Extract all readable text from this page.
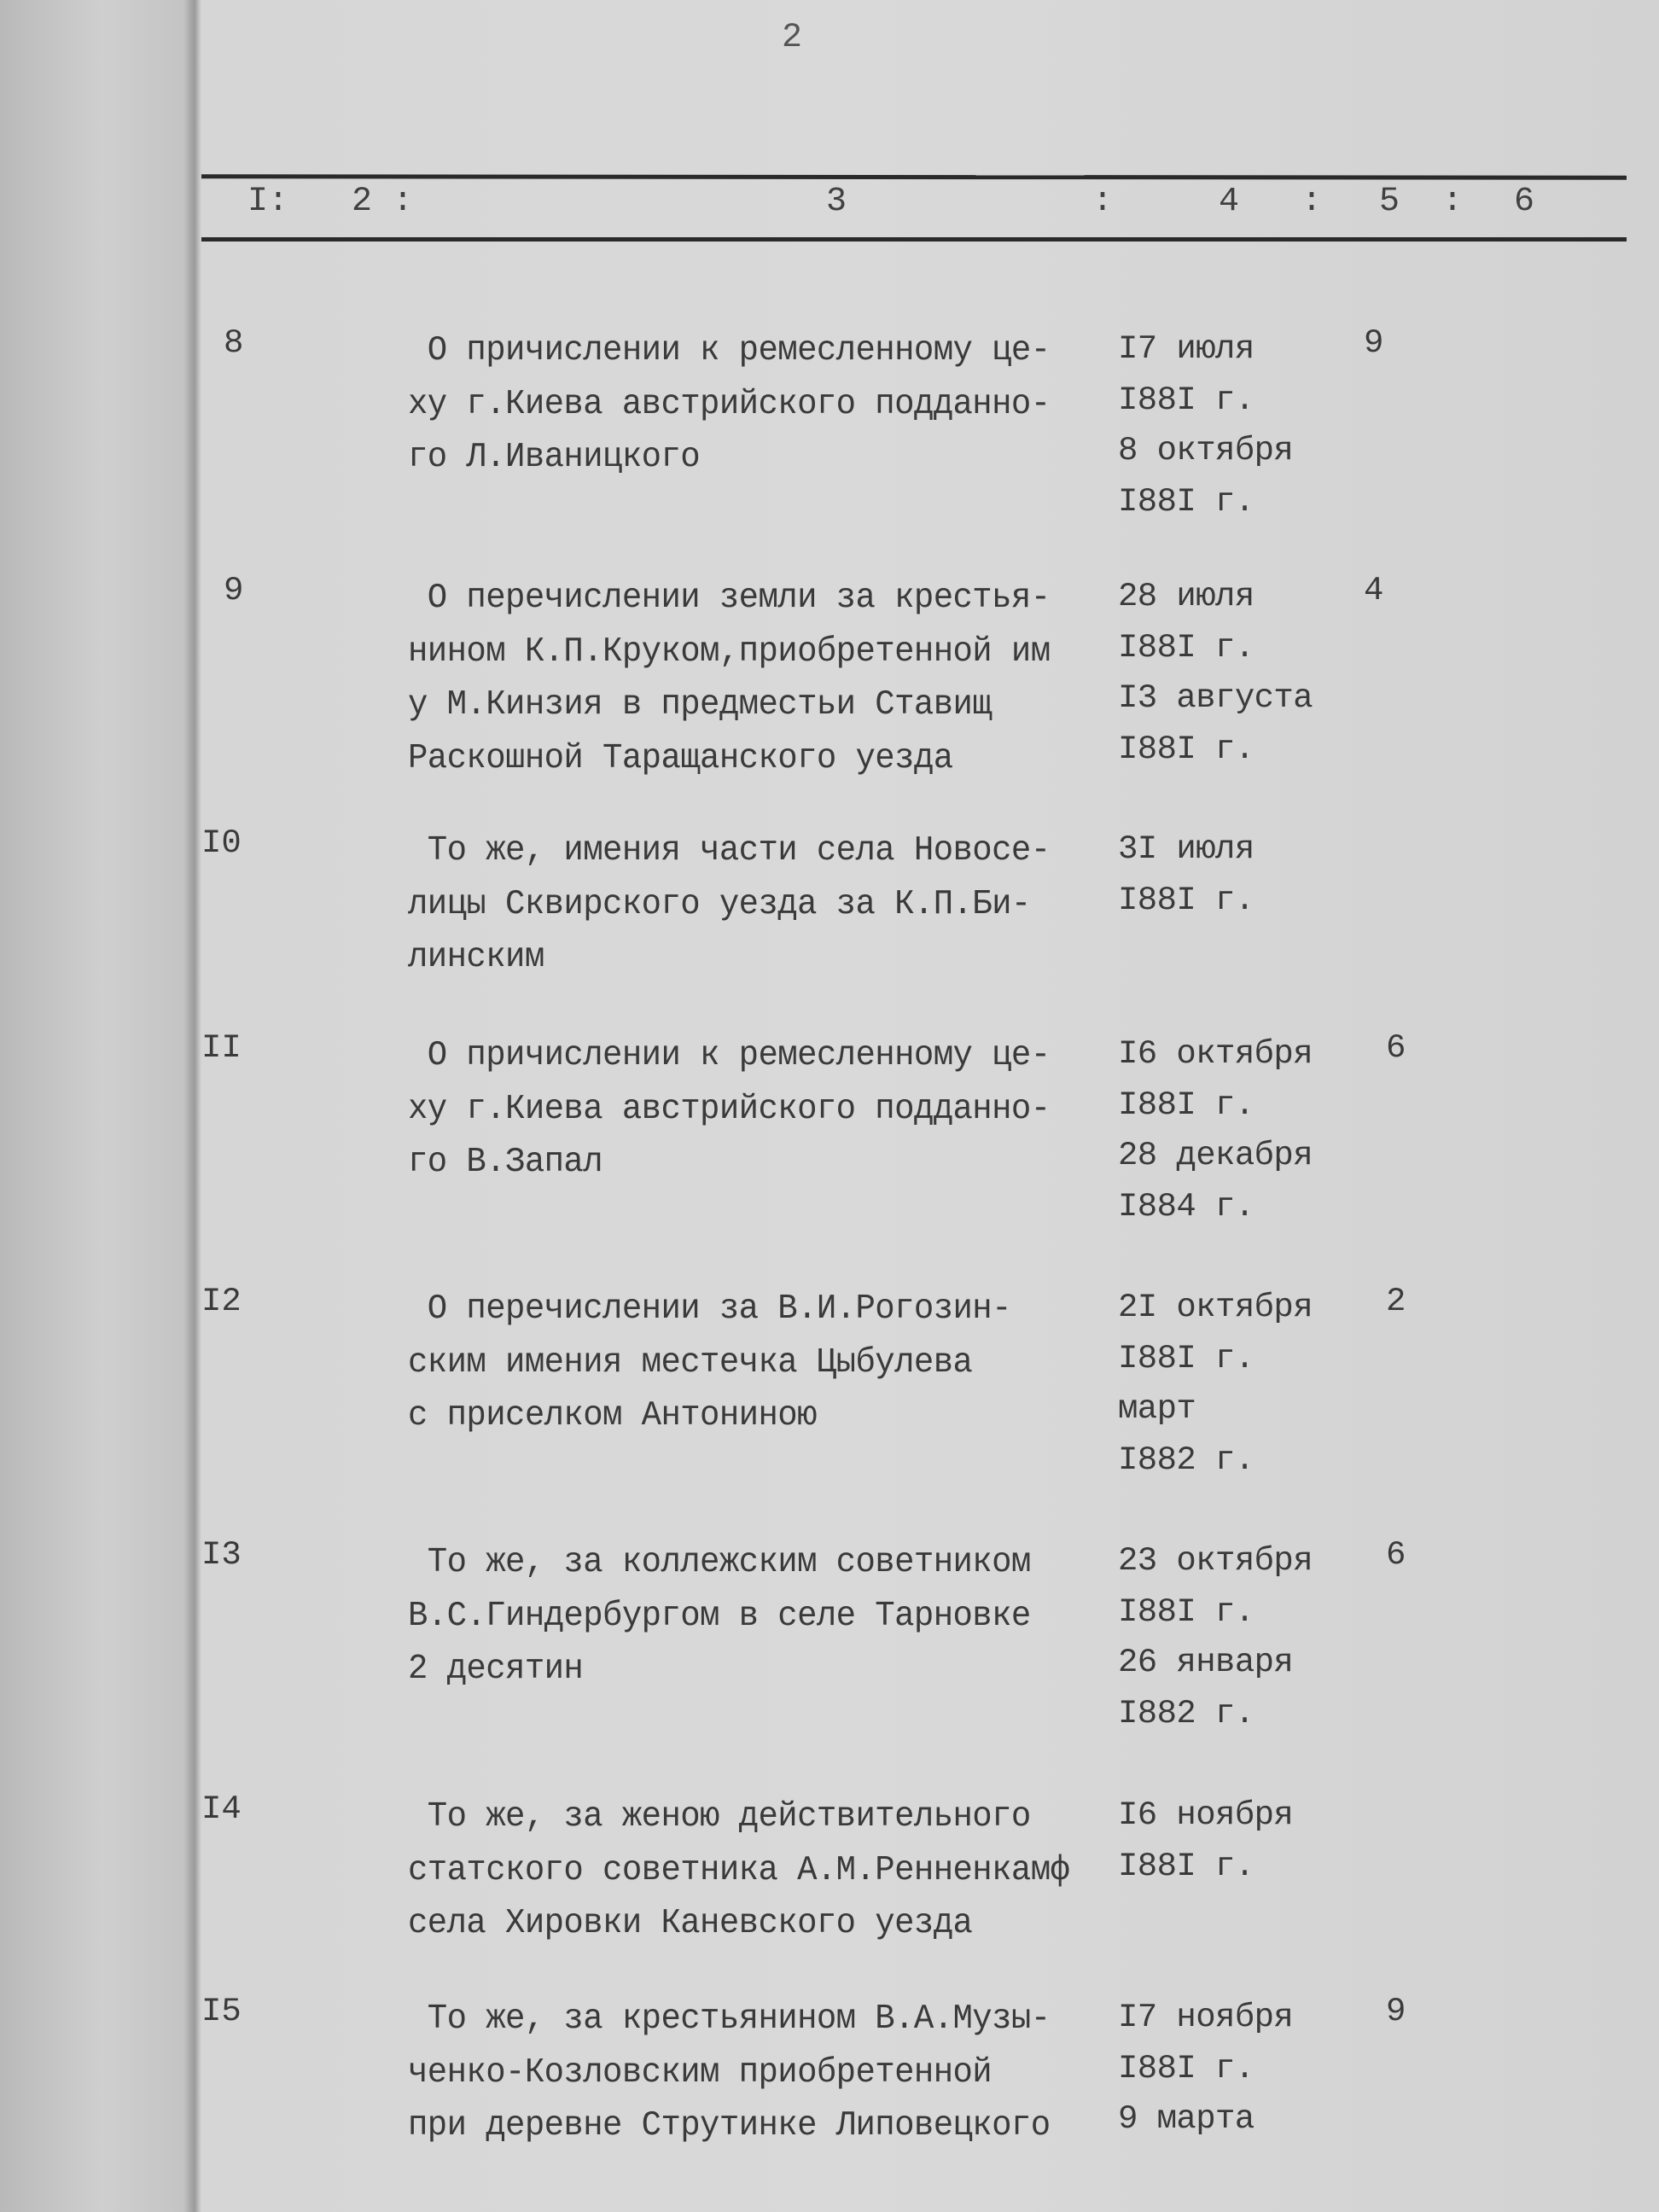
2
I: 2 :	3	:	4 : 5 : 6
8	О причислении к ремесленному це-
ху г.Киева австрийского подданно-
го Л.Иваницкого
I7 июля
I88I г.
8 октября
I88I г.
9
9	О перечислении земли за крестья-
нином К.П.Круком,приобретенной им
у М.Кинзия в предместьи Ставищ
Раскошной Таращанского уезда
28 июля
I88I г.
I3 августа
I88I г.
4
I0	То же, имения части села Новосе-
лицы Сквирского уезда за К.П.Би-
линским
3I июля
I88I г.
II	О причислении к ремесленному це-
ху г.Киева австрийского подданно-
го В.Запал
I6 октября
I88I г.
28 декабря
I884 г.
6
I2	О перечислении за В.И.Рогозин-
ским имения местечка Цыбулева
с приселком Антониною
2I октября
I88I г.
март
I882 г.
2
I3	То же, за коллежским советником
В.С.Гиндербургом в селе Тарновке
2 десятин
23 октября
I88I г.
26 января
I882 г.
6
I4	То же, за женою действительного
статского советника А.М.Ренненкамф
села Хировки Каневского уезда
I6 ноября
I88I г.
I5	То же, за крестьянином В.А.Музы-
ченко-Козловским приобретенной
при деревне Струтинке Липовецкого
I7 ноября
I88I г.
9 марта
9
